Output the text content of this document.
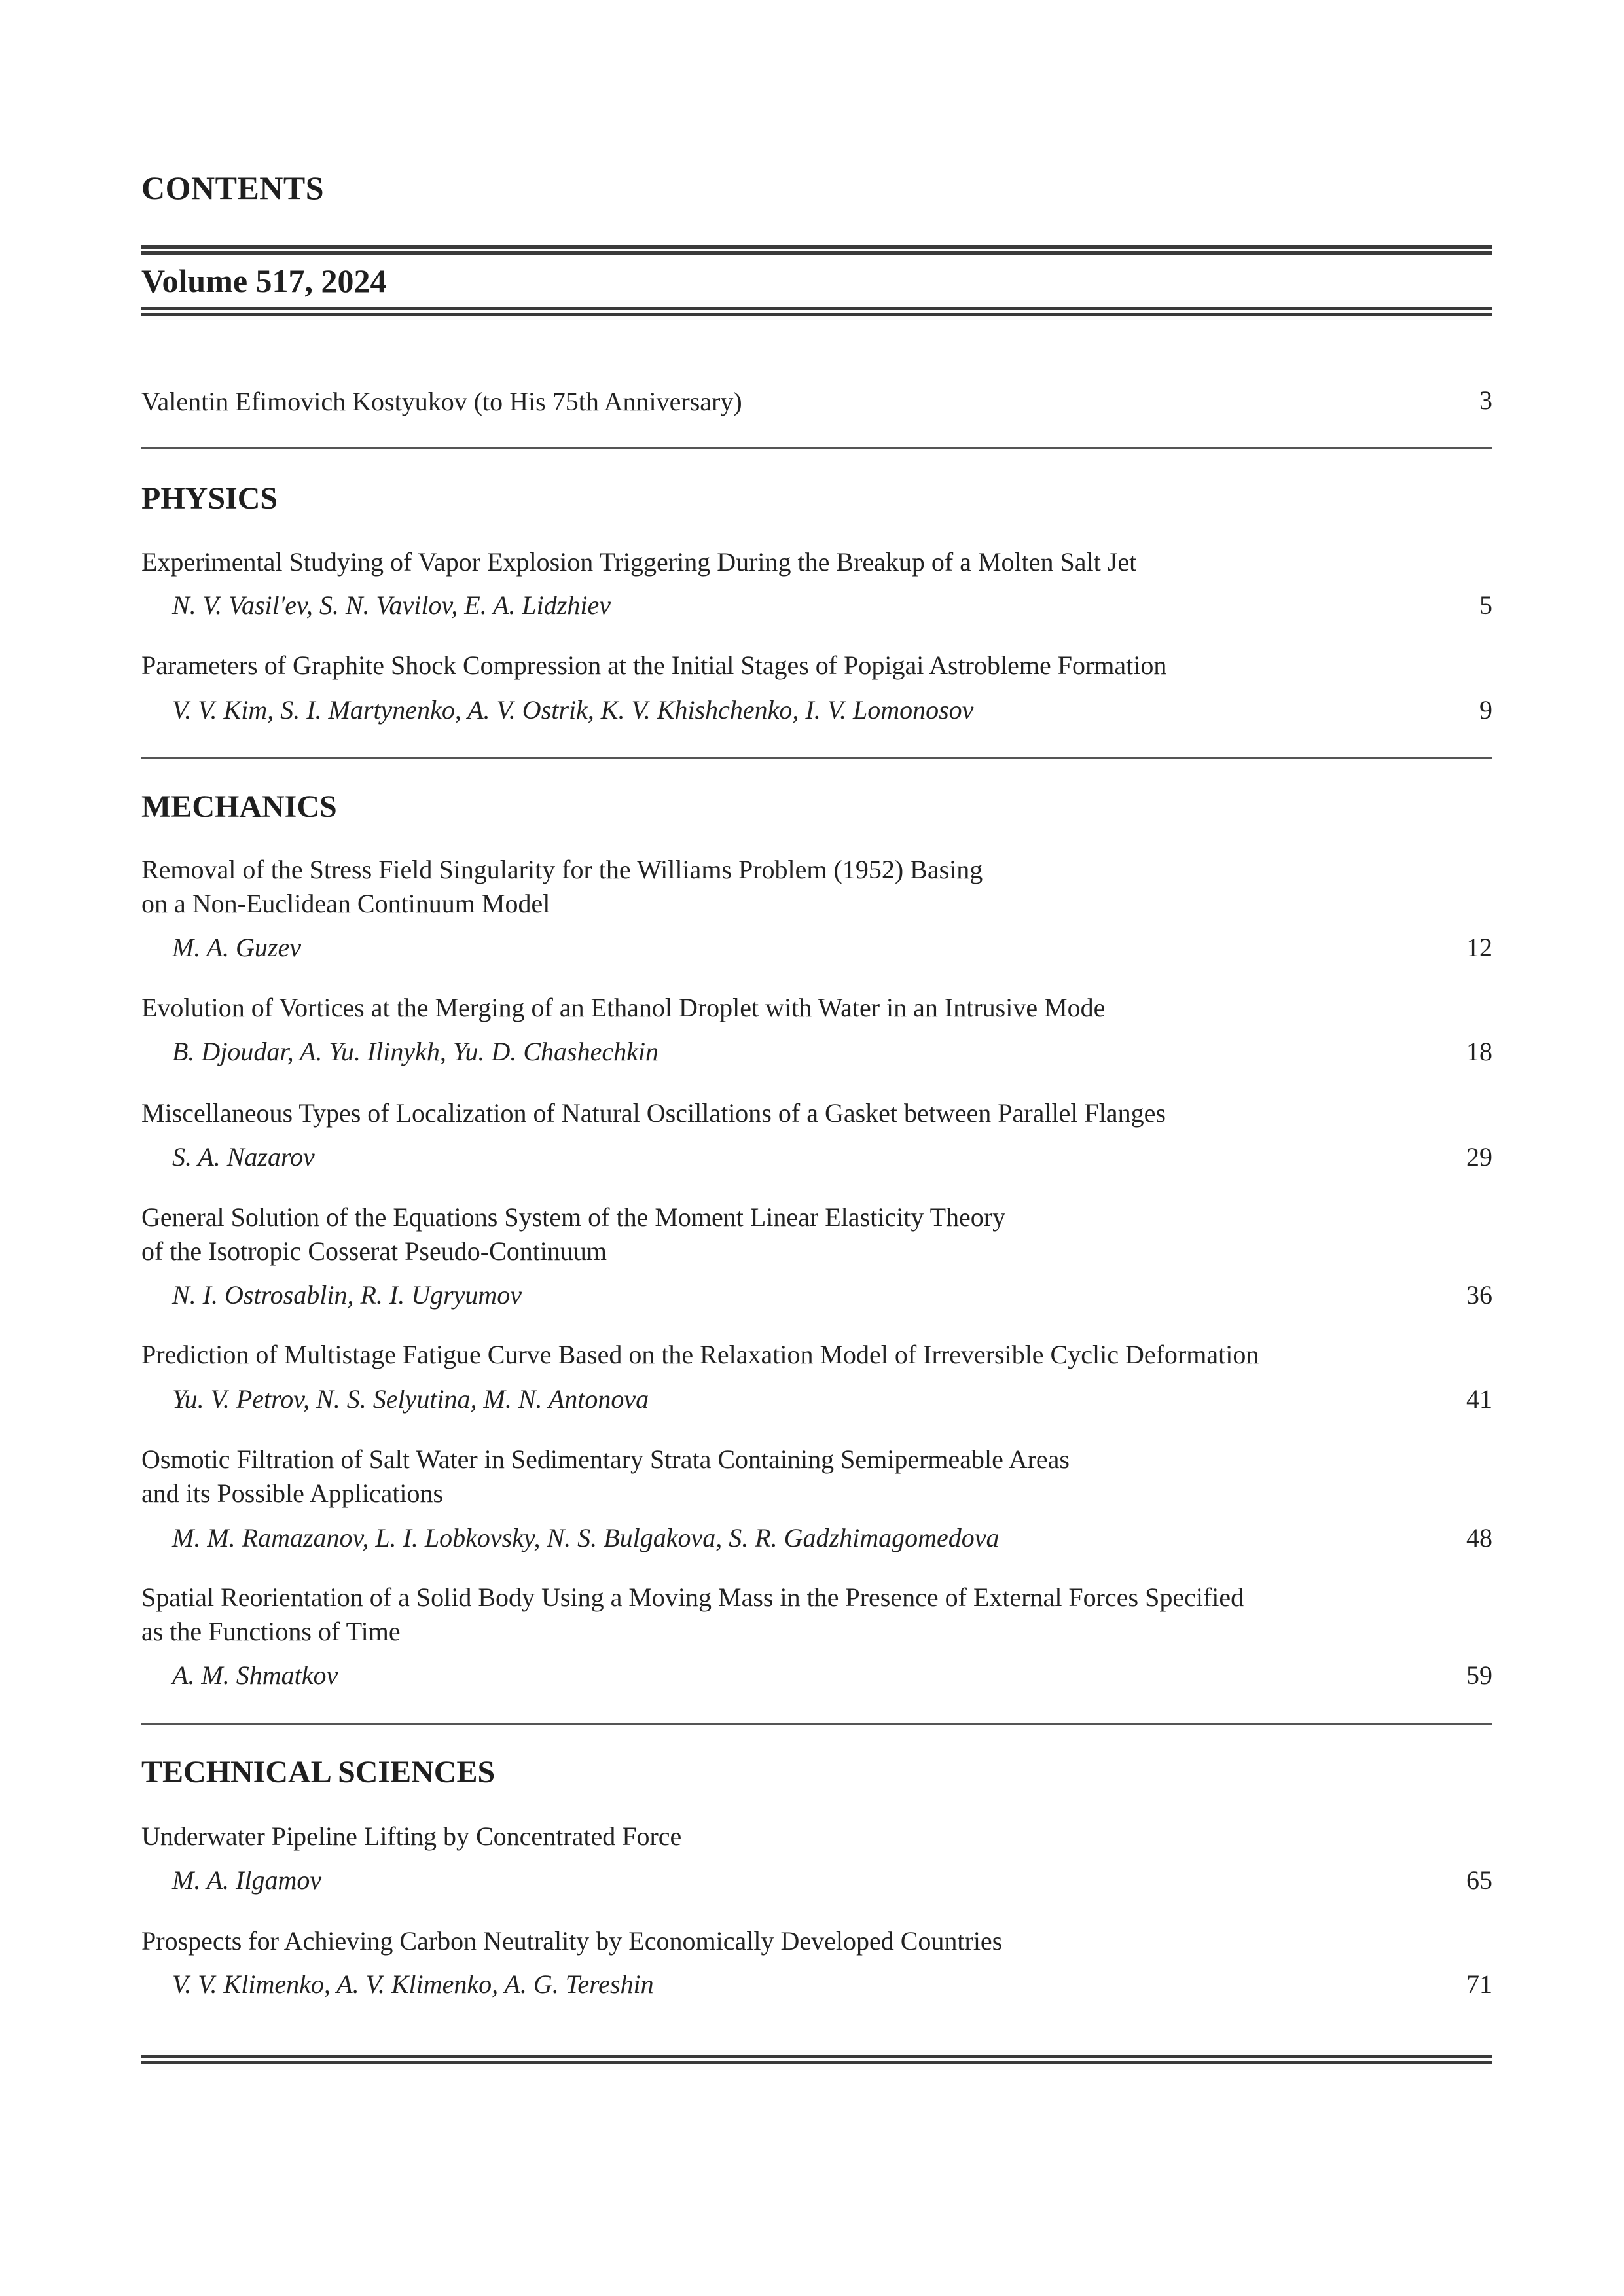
CONTENTS
Volume 517, 2024
Valentin Efimovich Kostyukov (to His 75th Anniversary)	3
PHYSICS
Experimental Studying of Vapor Explosion Triggering During the Breakup of a Molten Salt Jet
N. V. Vasil'ev, S. N. Vavilov, E. A. Lidzhiev	5
Parameters of Graphite Shock Compression at the Initial Stages of Popigai Astrobleme Formation
V. V. Kim, S. I. Martynenko, A. V. Ostrik, K. V. Khishchenko, I. V. Lomonosov	9
MECHANICS
Removal of the Stress Field Singularity for the Williams Problem (1952) Basing
on a Non-Euclidean Continuum Model
M. A. Guzev	12
Evolution of Vortices at the Merging of an Ethanol Droplet with Water in an Intrusive Mode
B. Djoudar, A. Yu. Ilinykh, Yu. D. Chashechkin	18
Miscellaneous Types of Localization of Natural Oscillations of a Gasket between Parallel Flanges
S. A. Nazarov	29
General Solution of the Equations System of the Moment Linear Elasticity Theory
of the Isotropic Cosserat Pseudo-Continuum
N. I. Ostrosablin, R. I. Ugryumov	36
Prediction of Multistage Fatigue Curve Based on the Relaxation Model of Irreversible Cyclic Deformation
Yu. V. Petrov, N. S. Selyutina, M. N. Antonova	41
Osmotic Filtration of Salt Water in Sedimentary Strata Containing Semipermeable Areas
and its Possible Applications
M. M. Ramazanov, L. I. Lobkovsky, N. S. Bulgakova, S. R. Gadzhimagomedova	48
Spatial Reorientation of a Solid Body Using a Moving Mass in the Presence of External Forces Specified
as the Functions of Time
A. M. Shmatkov	59
TECHNICAL SCIENCES
Underwater Pipeline Lifting by Concentrated Force
M. A. Ilgamov	65
Prospects for Achieving Carbon Neutrality by Economically Developed Countries
V. V. Klimenko, A. V. Klimenko, A. G. Tereshin	71
